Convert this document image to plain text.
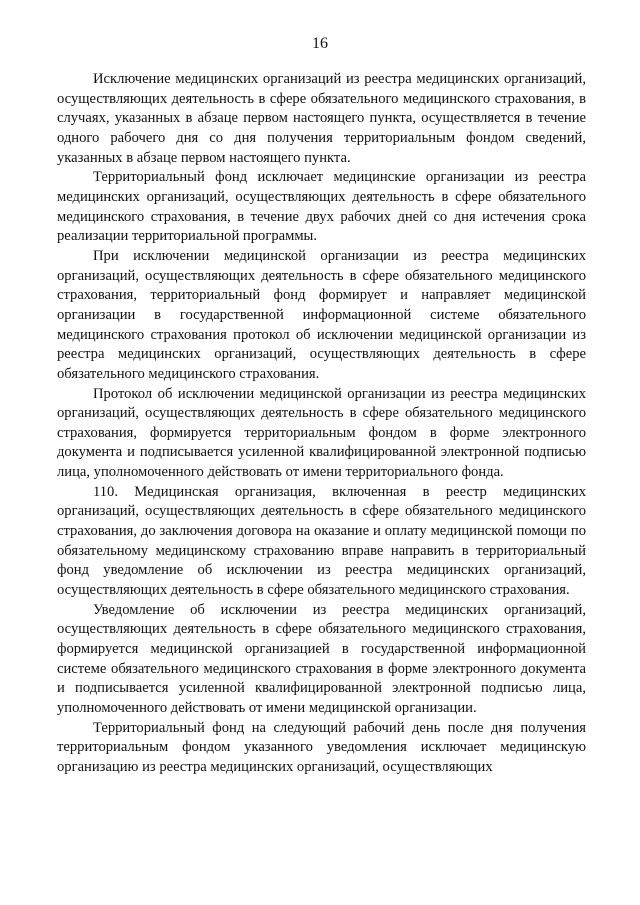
16

Исключение медицинских организаций из реестра медицинских организаций, осуществляющих деятельность в сфере обязательного медицинского страхования, в случаях, указанных в абзаце первом настоящего пункта, осуществляется в течение одного рабочего дня со дня получения территориальным фондом сведений, указанных в абзаце первом настоящего пункта.

Территориальный фонд исключает медицинские организации из реестра медицинских организаций, осуществляющих деятельность в сфере обязательного медицинского страхования, в течение двух рабочих дней со дня истечения срока реализации территориальной программы.

При исключении медицинской организации из реестра медицинских организаций, осуществляющих деятельность в сфере обязательного медицинского страхования, территориальный фонд формирует и направляет медицинской организации в государственной информационной системе обязательного медицинского страхования протокол об исключении медицинской организации из реестра медицинских организаций, осуществляющих деятельность в сфере обязательного медицинского страхования.

Протокол об исключении медицинской организации из реестра медицинских организаций, осуществляющих деятельность в сфере обязательного медицинского страхования, формируется территориальным фондом в форме электронного документа и подписывается усиленной квалифицированной электронной подписью лица, уполномоченного действовать от имени территориального фонда.

110. Медицинская организация, включенная в реестр медицинских организаций, осуществляющих деятельность в сфере обязательного медицинского страхования, до заключения договора на оказание и оплату медицинской помощи по обязательному медицинскому страхованию вправе направить в территориальный фонд уведомление об исключении из реестра медицинских организаций, осуществляющих деятельность в сфере обязательного медицинского страхования.

Уведомление об исключении из реестра медицинских организаций, осуществляющих деятельность в сфере обязательного медицинского страхования, формируется медицинской организацией в государственной информационной системе обязательного медицинского страхования в форме электронного документа и подписывается усиленной квалифицированной электронной подписью лица, уполномоченного действовать от имени медицинской организации.

Территориальный фонд на следующий рабочий день после дня получения территориальным фондом указанного уведомления исключает медицинскую организацию из реестра медицинских организаций, осуществляющих
